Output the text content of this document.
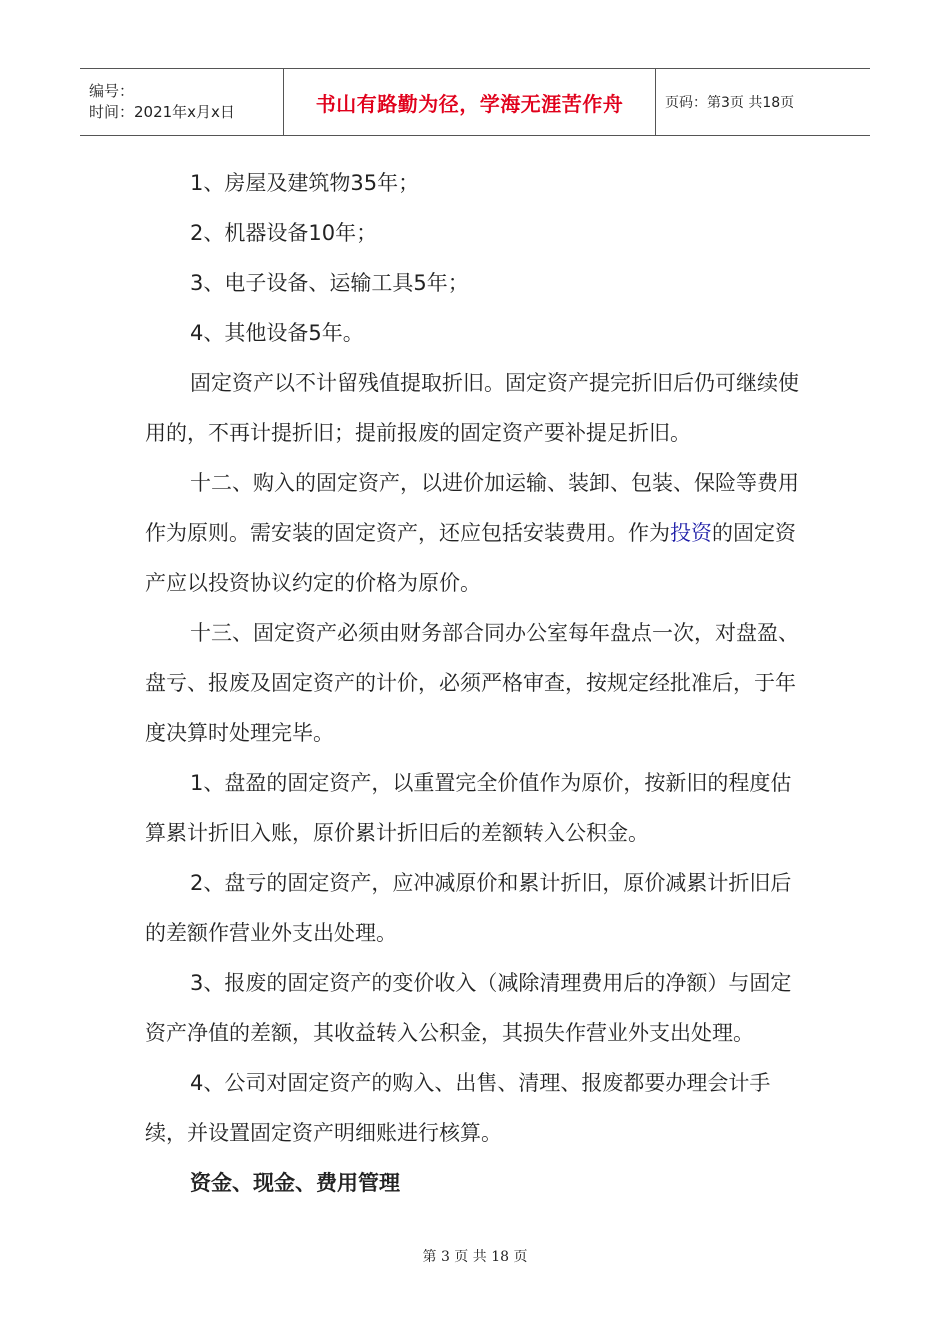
编号：
时间：2021年x月x日	书山有路勤为径，学海无涯苦作舟	页码：第3页 共18页

1、房屋及建筑物35年；

2、机器设备10年；

3、电子设备、运输工具5年；

4、其他设备5年。

固定资产以不计留残值提取折旧。固定资产提完折旧后仍可继续使用的，不再计提折旧；提前报废的固定资产要补提足折旧。

十二、购入的固定资产，以进价加运输、装卸、包装、保险等费用作为原则。需安装的固定资产，还应包括安装费用。作为投资的固定资产应以投资协议约定的价格为原价。

十三、固定资产必须由财务部合同办公室每年盘点一次，对盘盈、盘亏、报废及固定资产的计价，必须严格审查，按规定经批准后，于年度决算时处理完毕。

1、盘盈的固定资产，以重置完全价值作为原价，按新旧的程度估算累计折旧入账，原价累计折旧后的差额转入公积金。

2、盘亏的固定资产，应冲减原价和累计折旧，原价减累计折旧后的差额作营业外支出处理。

3、报废的固定资产的变价收入（减除清理费用后的净额）与固定资产净值的差额，其收益转入公积金，其损失作营业外支出处理。

4、公司对固定资产的购入、出售、清理、报废都要办理会计手续，并设置固定资产明细账进行核算。

资金、现金、费用管理

第 3 页 共 18 页
